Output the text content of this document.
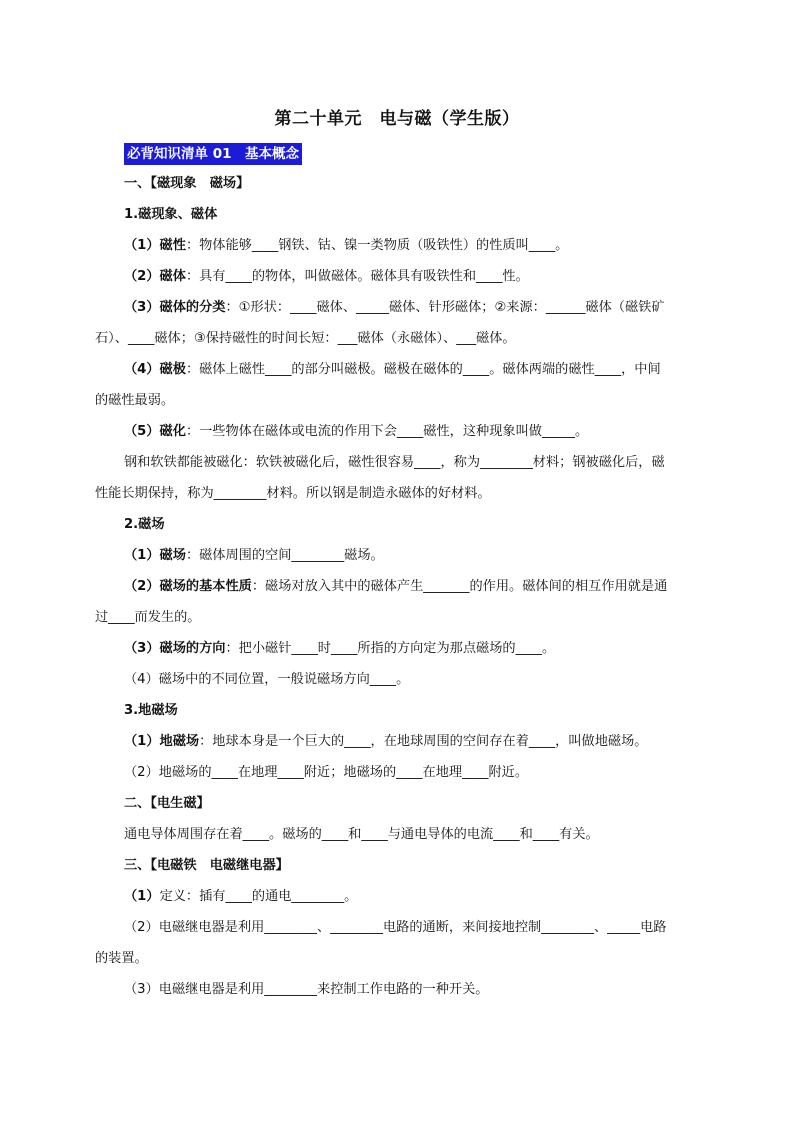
第二十单元　电与磁（学生版）
必背知识清单 01　基本概念
一、【磁现象　磁场】
1.磁现象、磁体
（1）磁性：物体能够____钢铁、钴、镍一类物质（吸铁性）的性质叫____。
（2）磁体：具有____的物体，叫做磁体。磁体具有吸铁性和____性。
（3）磁体的分类：①形状：____磁体、_____磁体、针形磁体；②来源：______磁体（磁铁矿
石）、____磁体；③保持磁性的时间长短：___磁体（永磁体）、___磁体。
（4）磁极：磁体上磁性____的部分叫磁极。磁极在磁体的____。磁体两端的磁性____，中间
的磁性最弱。
（5）磁化：一些物体在磁体或电流的作用下会____磁性，这种现象叫做_____。
钢和软铁都能被磁化：软铁被磁化后，磁性很容易____，称为________材料；钢被磁化后，磁
性能长期保持，称为________材料。所以钢是制造永磁体的好材料。
2.磁场
（1）磁场：磁体周围的空间________磁场。
（2）磁场的基本性质：磁场对放入其中的磁体产生_______的作用。磁体间的相互作用就是通
过____而发生的。
（3）磁场的方向：把小磁针____时____所指的方向定为那点磁场的____。
（4）磁场中的不同位置，一般说磁场方向____。
3.地磁场
（1）地磁场：地球本身是一个巨大的____，在地球周围的空间存在着____，叫做地磁场。
（2）地磁场的____在地理____附近；地磁场的____在地理____附近。
二、【电生磁】
通电导体周围存在着____。磁场的____和____与通电导体的电流____和____有关。
三、【电磁铁　电磁继电器】
（1）定义：插有____的通电________。
（2）电磁继电器是利用________、________电路的通断，来间接地控制________、_____电路
的装置。
（3）电磁继电器是利用________来控制工作电路的一种开关。
